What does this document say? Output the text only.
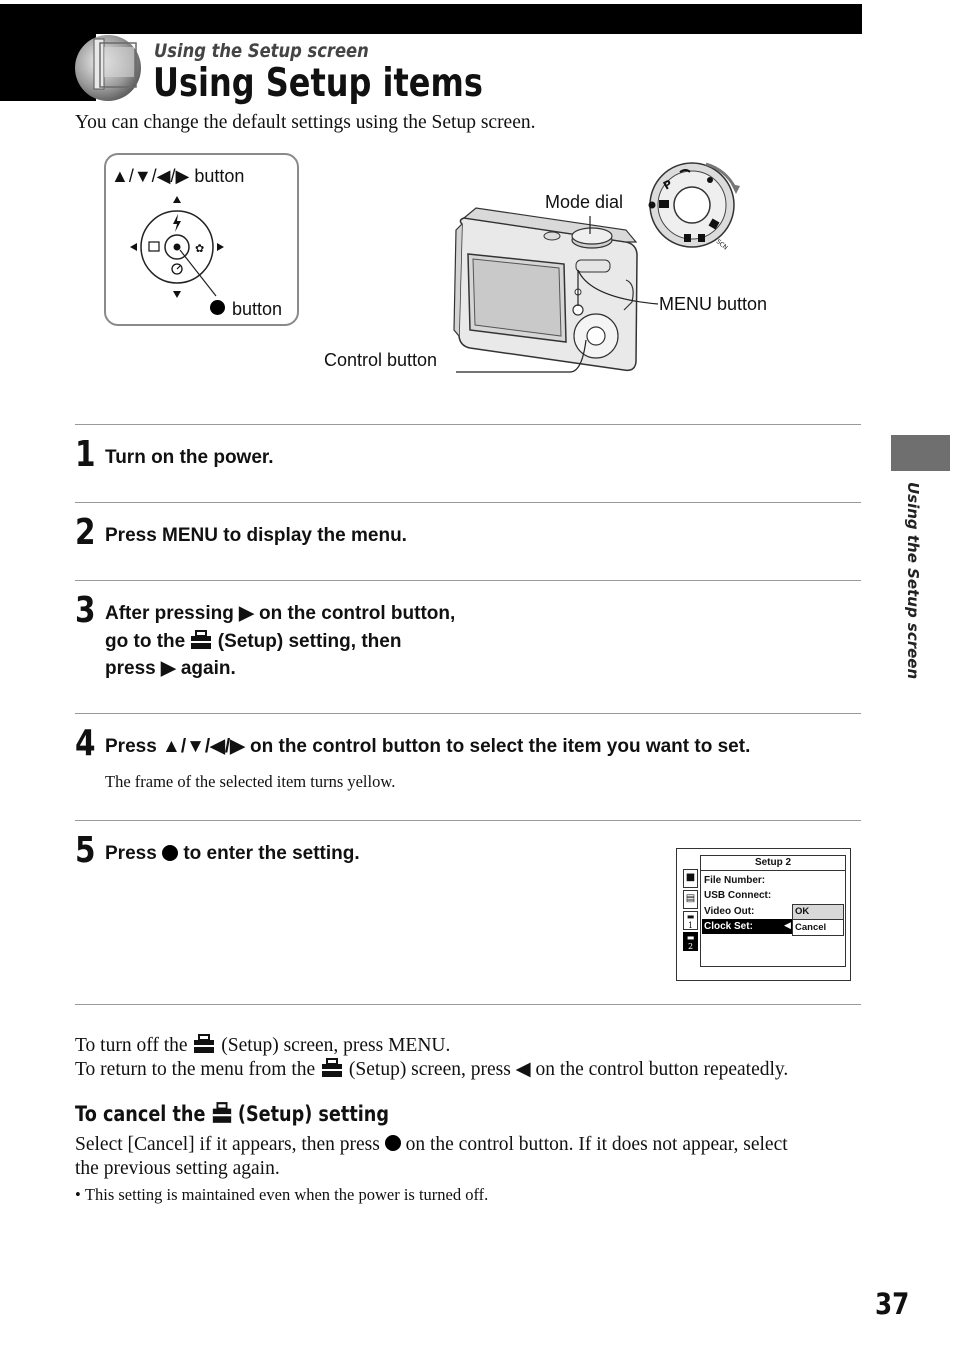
Using the Setup screen
Using Setup items
You can change the default settings using the Setup screen.
▲/▼/◀/▶ button
✿
button
P
SCN
Mode dial
MENU button
Control button
1 Turn on the power.
2 Press MENU to display the menu.
3 After pressing ▶ on the control button,
go to the (Setup) setting, then
press ▶ again.
4 Press ▲/▼/◀/▶ on the control button to select the item you want to set.
The frame of the selected item turns yellow.
5 Press to enter the setting.
■
▤
▬
1
▬
2
Setup 2
File Number:
USB Connect:
Video Out:
Clock Set:	◀
OK
Cancel
To turn off the (Setup) screen, press MENU.
To return to the menu from the (Setup) screen, press ◀ on the control button repeatedly.
To cancel the (Setup) setting
Select [Cancel] if it appears, then press on the control button. If it does not appear, select
the previous setting again.
• This setting is maintained even when the power is turned off.
Using the Setup screen
37
